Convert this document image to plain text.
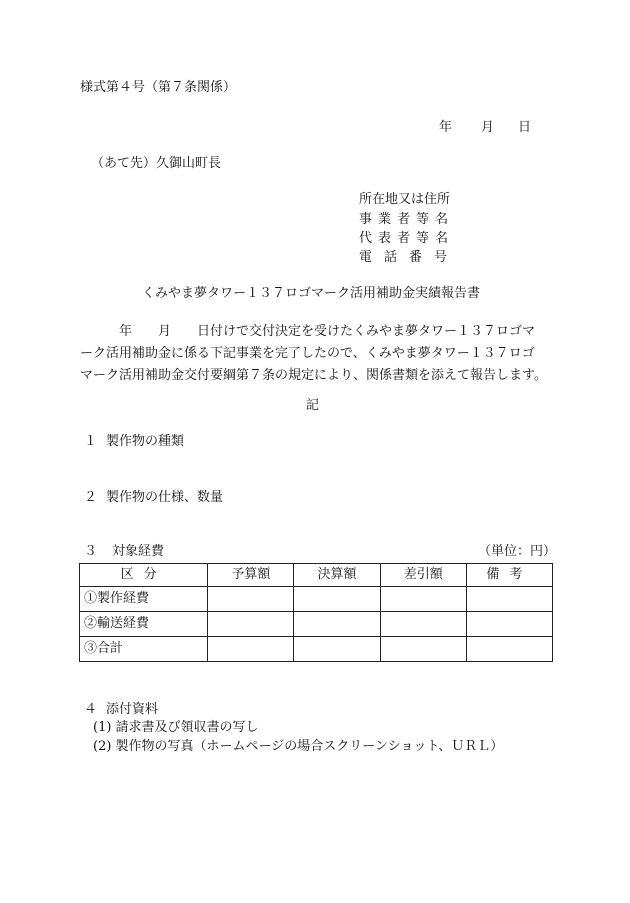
様式第４号（第７条関係）
年 月 日
（あて先）久御山町長
所在地又は住所
事業者等名
代表者等名
電話番号
くみやま夢タワー１３７ロゴマーク活用補助金実績報告書
　　　年　　月　　日付けで交付決定を受けたくみやま夢タワー１３７ロゴマ
ーク活用補助金に係る下記事業を完了したので、くみやま夢タワー１３７ロゴ
マーク活用補助金交付要綱第７条の規定により、関係書類を添えて報告します。
記
１ 製作物の種類
２ 製作物の仕様、数量
３ 対象経費	（単位：円）
区分	予算額	決算額	差引額	備考
①製作経費				
②輸送経費				
③合計				
４ 添付資料
(1) 請求書及び領収書の写し
(2) 製作物の写真（ホームページの場合スクリーンショット、ＵＲＬ）
